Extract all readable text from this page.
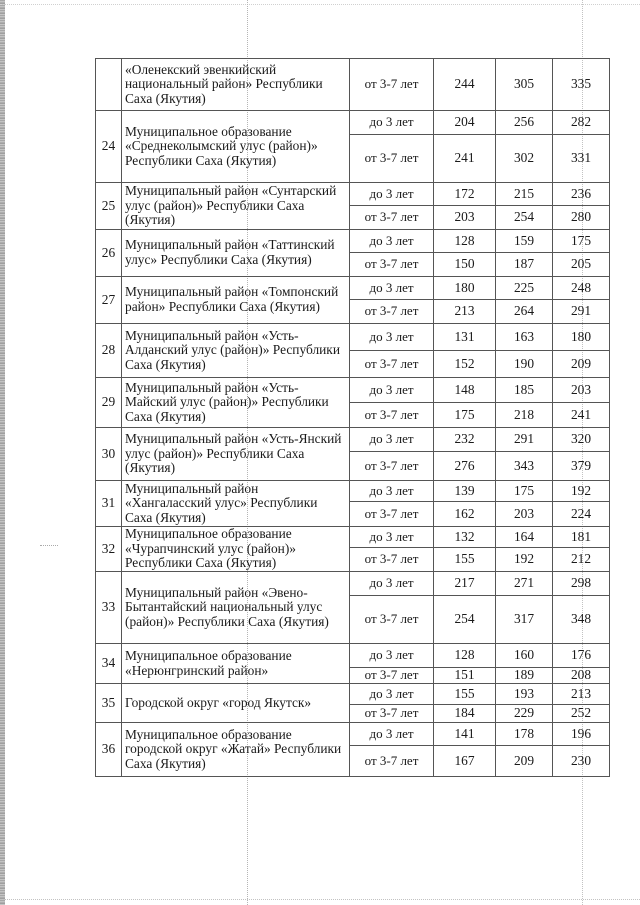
	«Оленекский эвенкийский национальный район» Республики Саха (Якутия)	от 3-7 лет	244	305	335
24	Муниципальное образование «Среднеколымский улус (район)» Республики Саха (Якутия)	до 3 лет	204	256	282
		от 3-7 лет	241	302	331
25	Муниципальный район «Сунтарский улус (район)» Республики Саха (Якутия)	до 3 лет	172	215	236
		от 3-7 лет	203	254	280
26	Муниципальный район «Таттинский улус» Республики Саха (Якутия)	до 3 лет	128	159	175
		от 3-7 лет	150	187	205
27	Муниципальный район «Томпонский район» Республики Саха (Якутия)	до 3 лет	180	225	248
		от 3-7 лет	213	264	291
28	Муниципальный район «Усть-Алданский улус (район)» Республики Саха (Якутия)	до 3 лет	131	163	180
		от 3-7 лет	152	190	209
29	Муниципальный район «Усть-Майский улус (район)» Республики Саха (Якутия)	до 3 лет	148	185	203
		от 3-7 лет	175	218	241
30	Муниципальный район «Усть-Янский улус (район)» Республики Саха (Якутия)	до 3 лет	232	291	320
		от 3-7 лет	276	343	379
31	Муниципальный район «Хангаласский улус» Республики Саха (Якутия)	до 3 лет	139	175	192
		от 3-7 лет	162	203	224
32	Муниципальное образование «Чурапчинский улус (район)» Республики Саха (Якутия)	до 3 лет	132	164	181
		от 3-7 лет	155	192	212
33	Муниципальный район «Эвено-Бытантайский национальный улус (район)» Республики Саха (Якутия)	до 3 лет	217	271	298
		от 3-7 лет	254	317	348
34	Муниципальное образование «Нерюнгринский район»	до 3 лет	128	160	176
		от 3-7 лет	151	189	208
35	Городской округ «город Якутск»	до 3 лет	155	193	213
		от 3-7 лет	184	229	252
36	Муниципальное образование городской округ «Жатай» Республики Саха (Якутия)	до 3 лет	141	178	196
		от 3-7 лет	167	209	230
